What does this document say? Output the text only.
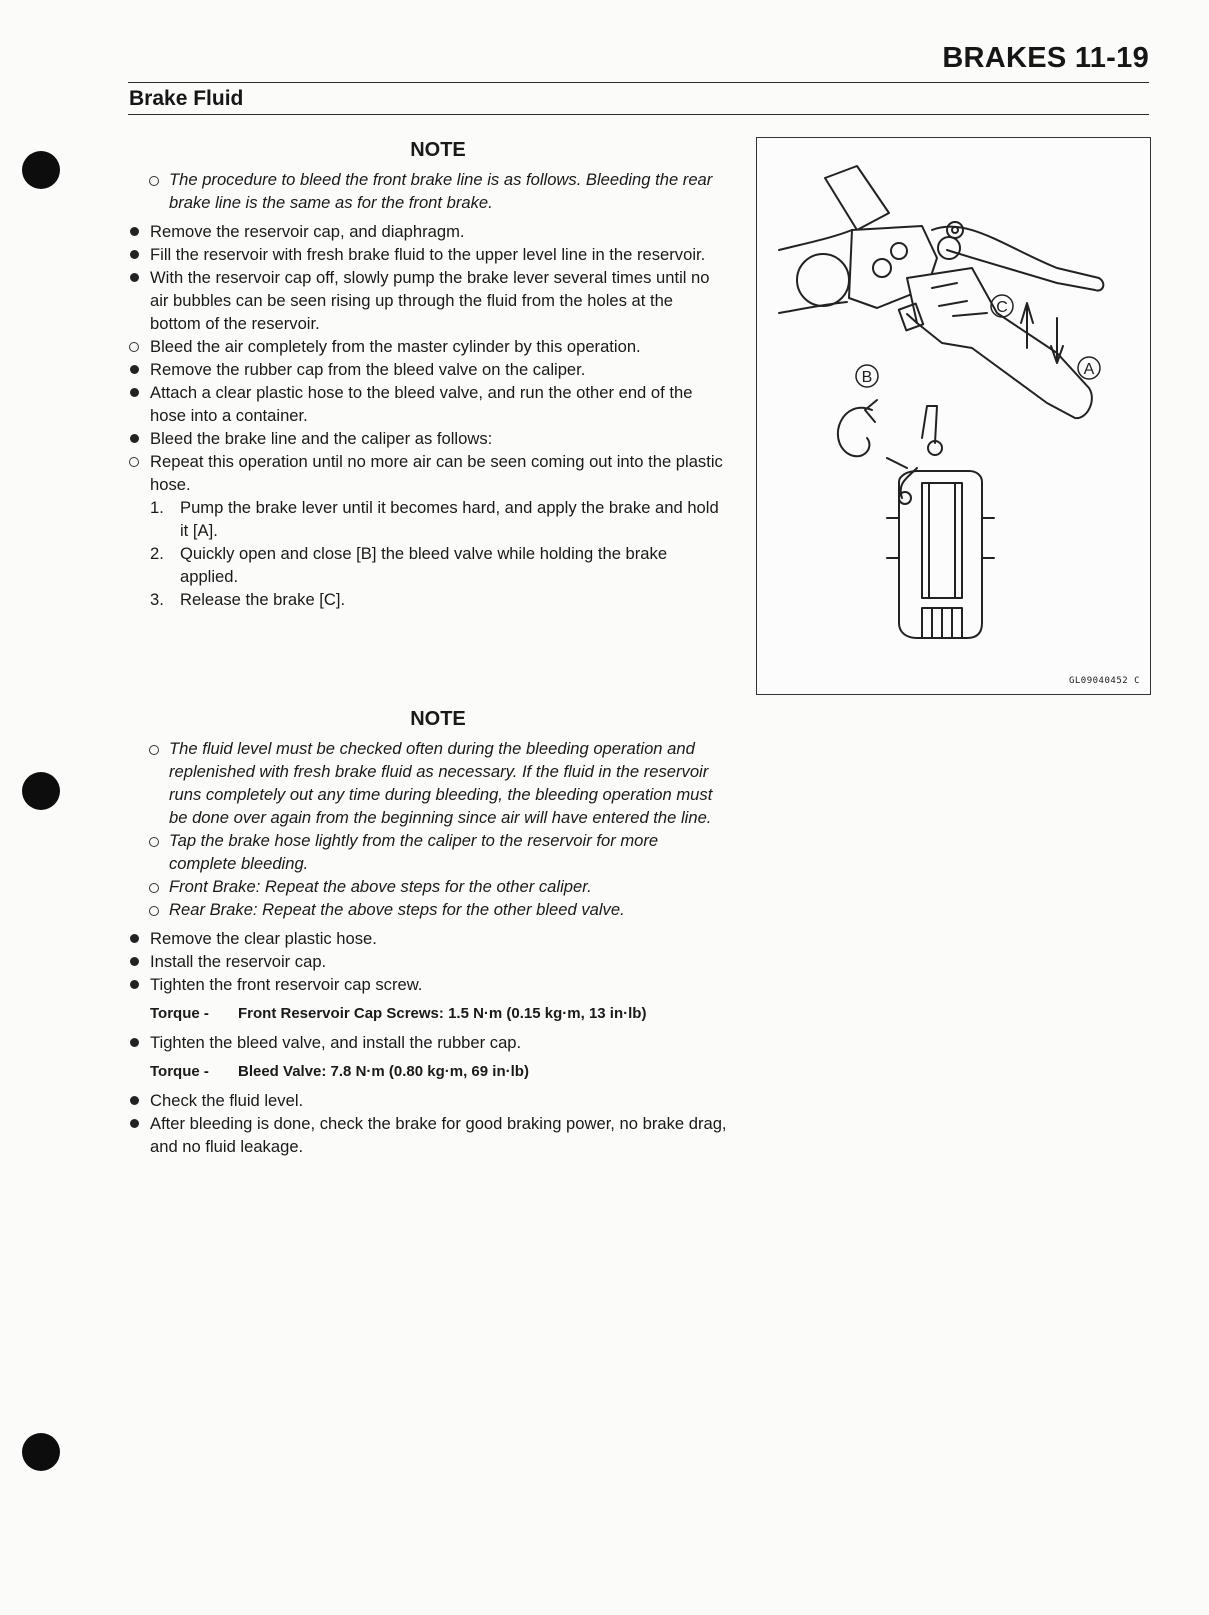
BRAKES 11-19
Brake Fluid
NOTE

The procedure to bleed the front brake line is as follows. Bleeding the rear brake line is the same as for the front brake.

Remove the reservoir cap, and diaphragm.

Fill the reservoir with fresh brake fluid to the upper level line in the reservoir.

With the reservoir cap off, slowly pump the brake lever several times until no air bubbles can be seen rising up through the fluid from the holes at the bottom of the reservoir.

Bleed the air completely from the master cylinder by this operation.

Remove the rubber cap from the bleed valve on the caliper.

Attach a clear plastic hose to the bleed valve, and run the other end of the hose into a container.

Bleed the brake line and the caliper as follows:

Repeat this operation until no more air can be seen coming out into the plastic hose.

1. Pump the brake lever until it becomes hard, and apply the brake and hold it [A].

2. Quickly open and close [B] the bleed valve while holding the brake applied.

3. Release the brake [C].

NOTE

The fluid level must be checked often during the bleeding operation and replenished with fresh brake fluid as necessary. If the fluid in the reservoir runs completely out any time during bleeding, the bleeding operation must be done over again from the beginning since air will have entered the line.

Tap the brake hose lightly from the caliper to the reservoir for more complete bleeding.

Front Brake: Repeat the above steps for the other caliper.

Rear Brake: Repeat the above steps for the other bleed valve.

Remove the clear plastic hose.

Install the reservoir cap.

Tighten the front reservoir cap screw.

Torque - Front Reservoir Cap Screws: 1.5 N·m (0.15 kg·m, 13 in·lb)

Tighten the bleed valve, and install the rubber cap.

Torque - Bleed Valve: 7.8 N·m (0.80 kg·m, 69 in·lb)

Check the fluid level.

After bleeding is done, check the brake for good braking power, no brake drag, and no fluid leakage.

C
A
B
GL09040452 C
